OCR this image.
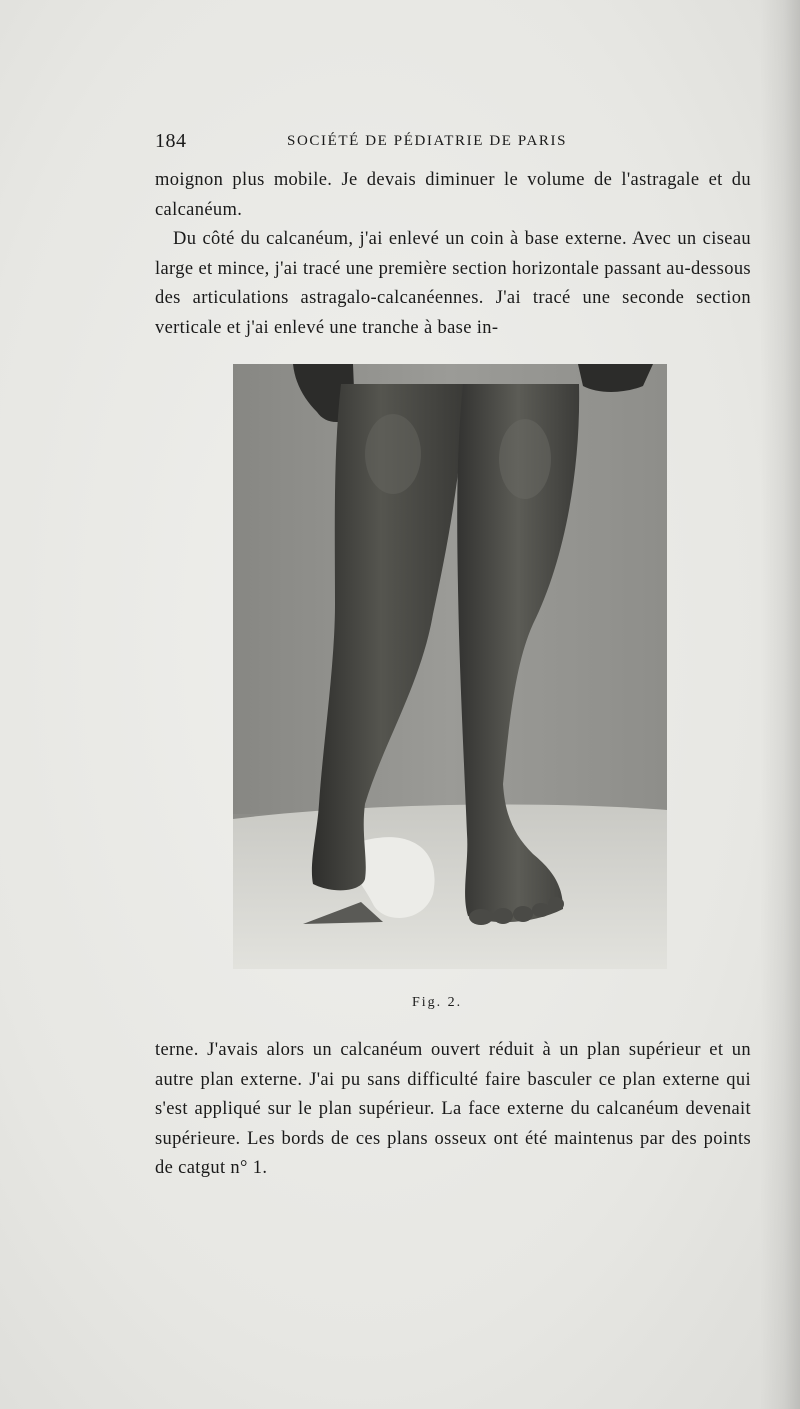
184	SOCIÉTÉ DE PÉDIATRIE DE PARIS

moignon plus mobile. Je devais diminuer le volume de l'astragale et du calcanéum.

Du côté du calcanéum, j'ai enlevé un coin à base externe. Avec un ciseau large et mince, j'ai tracé une première section horizontale passant au-dessous des articulations astragalo-calcanéennes. J'ai tracé une seconde section verticale et j'ai enlevé une tranche à base in-

Fig. 2.

terne. J'avais alors un calcanéum ouvert réduit à un plan supérieur et un autre plan externe. J'ai pu sans difficulté faire basculer ce plan externe qui s'est appliqué sur le plan supérieur. La face externe du calcanéum devenait supérieure. Les bords de ces plans osseux ont été maintenus par des points de catgut n° 1.
